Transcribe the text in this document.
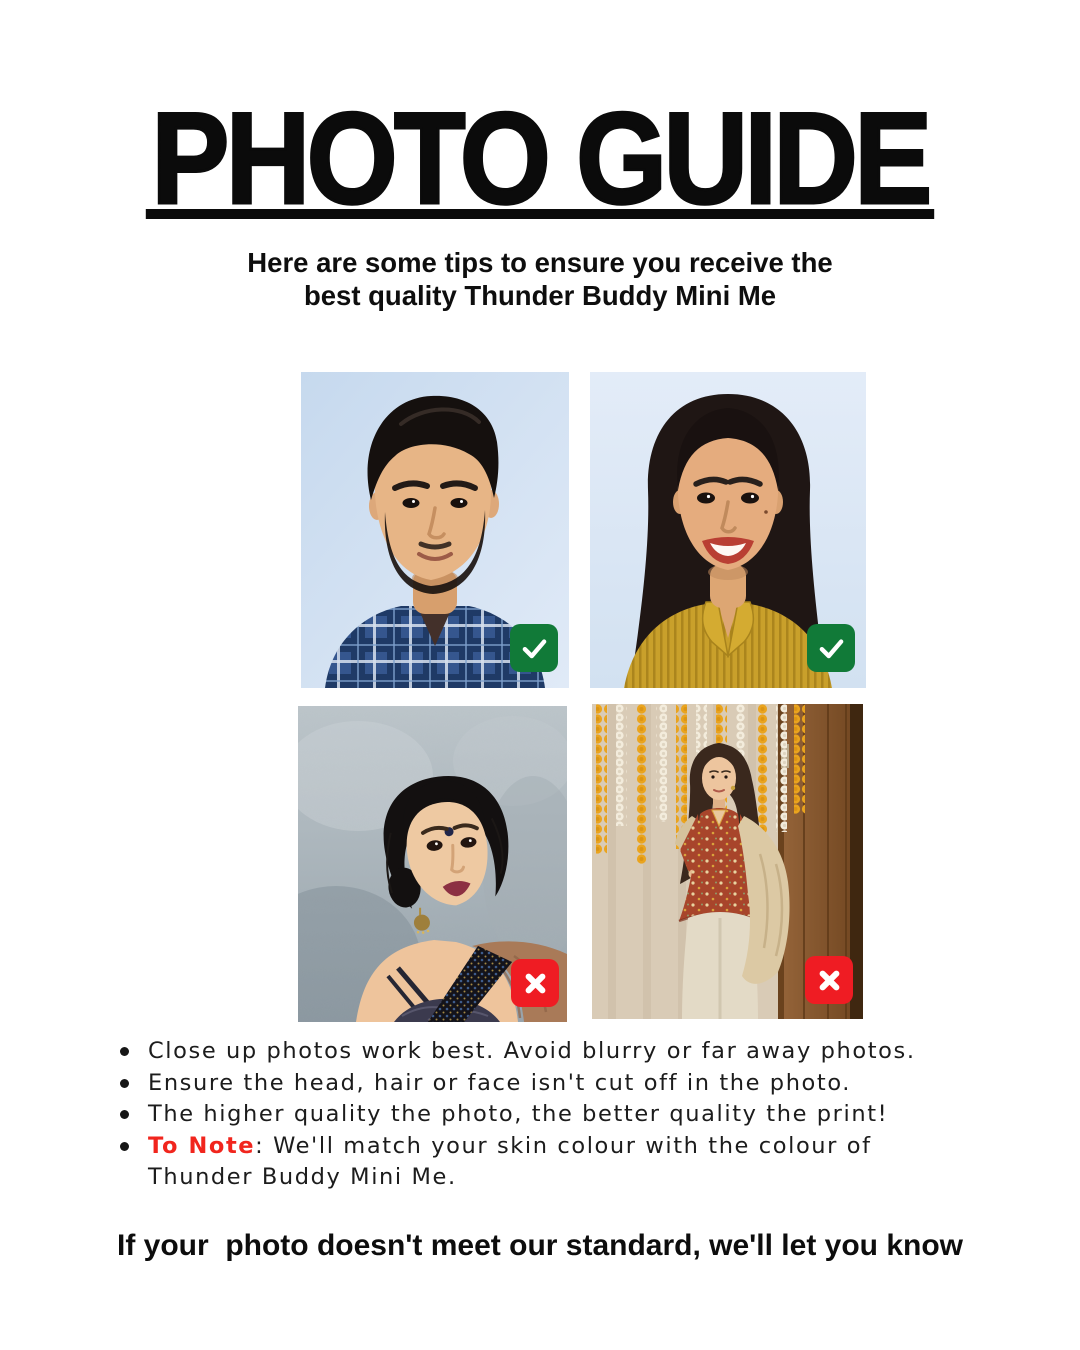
PHOTO GUIDE

Here are some tips to ensure you receive the
best quality Thunder Buddy Mini Me

Close up photos work best. Avoid blurry or far away photos.

Ensure the head, hair or face isn't cut off in the photo.

The higher quality the photo, the better quality the print!

To Note: We'll match your skin colour with the colour of Thunder Buddy Mini Me.

If your  photo doesn't meet our standard, we'll let you know
